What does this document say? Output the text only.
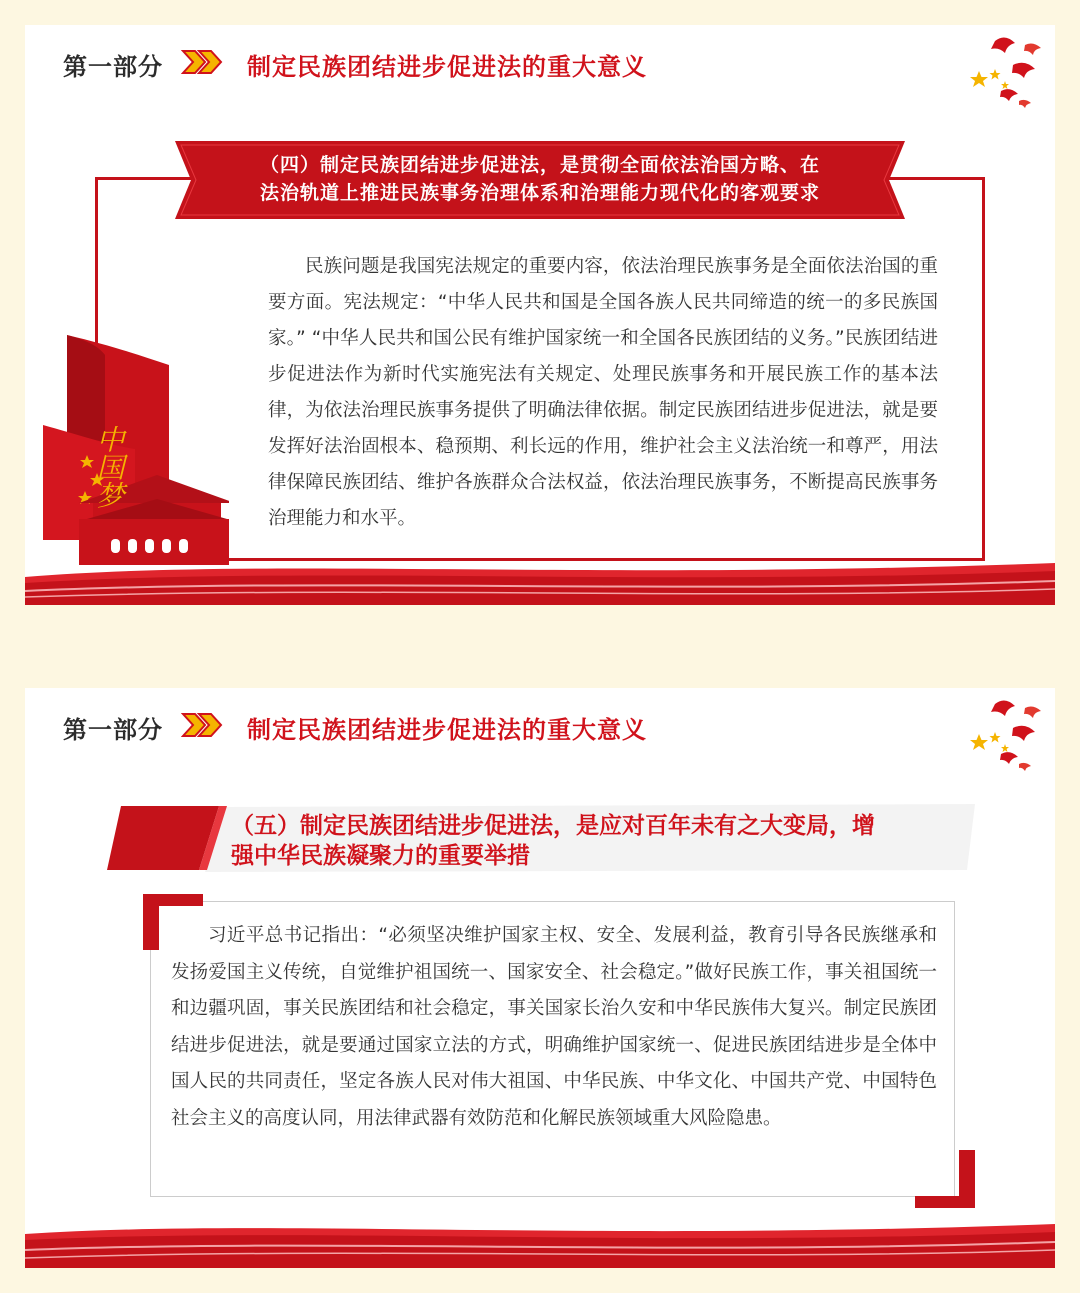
第一部分	制定民族团结进步促进法的重大意义
（四）制定民族团结进步促进法，是贯彻全面依法治国方略、在
法治轨道上推进民族事务治理体系和治理能力现代化的客观要求

民族问题是我国宪法规定的重要内容，依法治理民族事务是全面依法治国的重要方面。宪法规定：“中华人民共和国是全国各族人民共同缔造的统一的多民族国家。” “中华人民共和国公民有维护国家统一和全国各民族团结的义务。”民族团结进步促进法作为新时代实施宪法有关规定、处理民族事务和开展民族工作的基本法律，为依法治理民族事务提供了明确法律依据。制定民族团结进步促进法，就是要发挥好法治固根本、稳预期、利长远的作用，维护社会主义法治统一和尊严，用法律保障民族团结、维护各族群众合法权益，依法治理民族事务，不断提高民族事务治理能力和水平。

中国梦
第一部分	制定民族团结进步促进法的重大意义
（五）制定民族团结进步促进法，是应对百年未有之大变局，增
强中华民族凝聚力的重要举措

习近平总书记指出：“必须坚决维护国家主权、安全、发展利益，教育引导各民族继承和发扬爱国主义传统，自觉维护祖国统一、国家安全、社会稳定。”做好民族工作，事关祖国统一和边疆巩固，事关民族团结和社会稳定，事关国家长治久安和中华民族伟大复兴。制定民族团结进步促进法，就是要通过国家立法的方式，明确维护国家统一、促进民族团结进步是全体中国人民的共同责任，坚定各族人民对伟大祖国、中华民族、中华文化、中国共产党、中国特色社会主义的高度认同，用法律武器有效防范和化解民族领域重大风险隐患。
